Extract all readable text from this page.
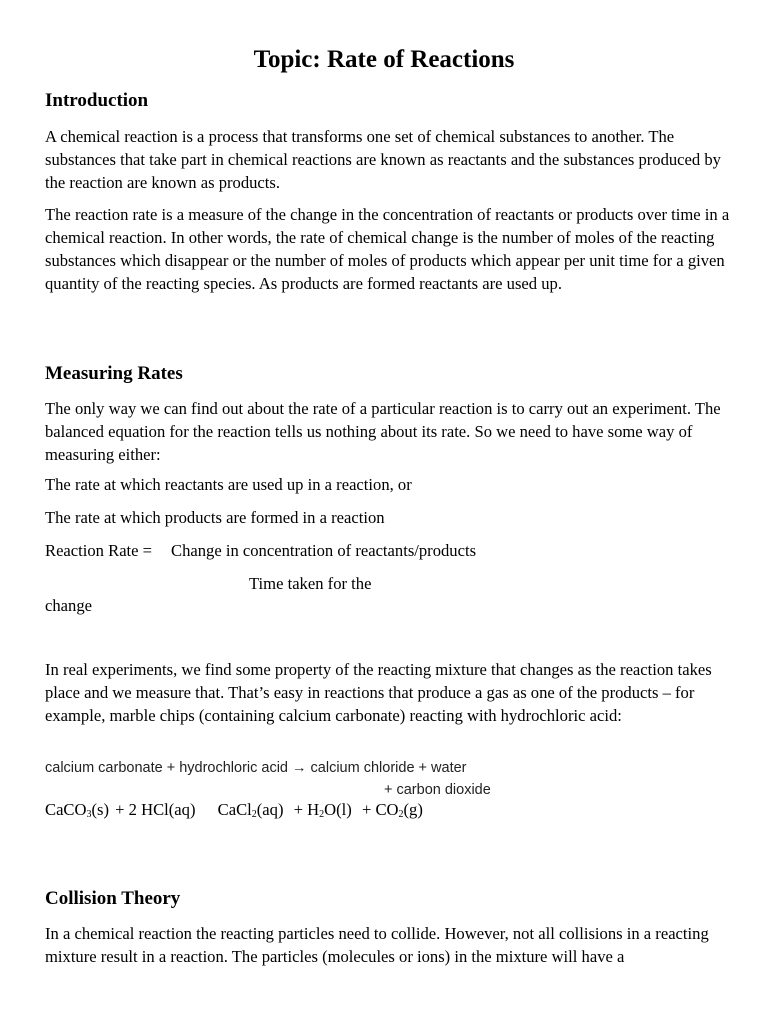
Topic: Rate of Reactions
Introduction
A chemical reaction is a process that transforms one set of chemical substances to another. The substances that take part in chemical reactions are known as reactants and the substances produced by the reaction are known as products.
The reaction rate is a measure of the change in the concentration of reactants or products over time in a chemical reaction. In other words, the rate of chemical change is the number of moles of the reacting substances which disappear or the number of moles of products which appear per unit time for a given quantity of the reacting species. As products are formed reactants are used up.
Measuring Rates
The only way we can find out about the rate of a particular reaction is to carry out an experiment. The balanced equation for the reaction tells us nothing about its rate. So we need to have some way of measuring either:
The rate at which reactants are used up in a reaction, or
The rate at which products are formed in a reaction
Reaction Rate = Change in concentration of reactants/products
Time taken for the
change
In real experiments, we find some property of the reacting mixture that changes as the reaction takes place and we measure that. That’s easy in reactions that produce a gas as one of the products – for example, marble chips (containing calcium carbonate) reacting with hydrochloric acid:
calcium carbonate + hydrochloric acid → calcium chloride + water
+ carbon dioxide
CaCO$_3$(s) + 2 HCl(aq) CaCl$_2$(aq) + $H_2O(l) + CO_2(g)$
Collision Theory
In a chemical reaction the reacting particles need to collide. However, not all collisions in a reacting mixture result in a reaction. The particles (molecules or ions) in the mixture will have a
